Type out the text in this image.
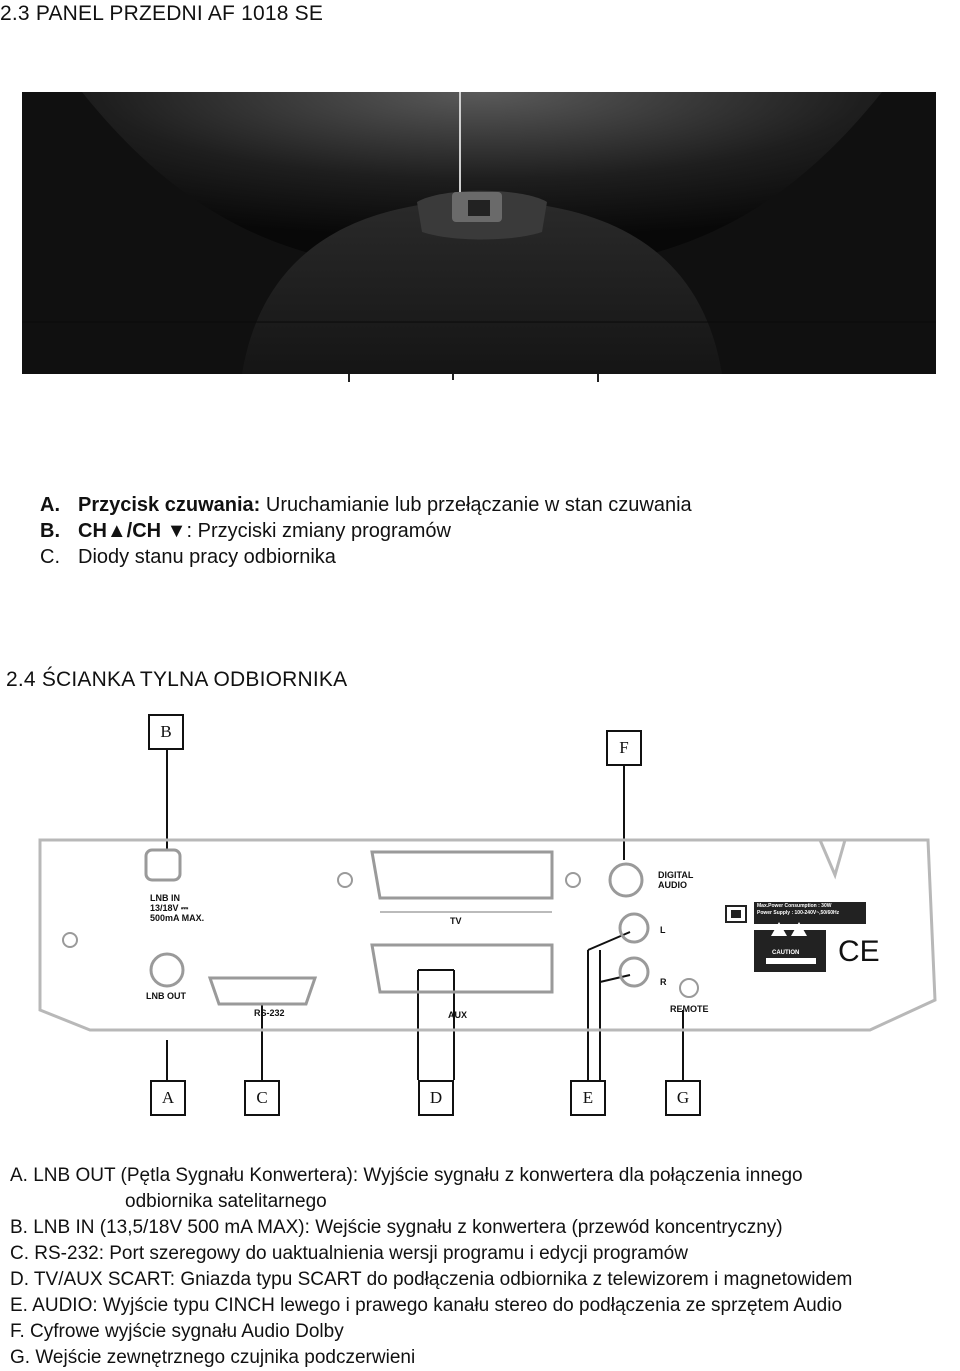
2.3 PANEL PRZEDNI AF 1018 SE
A. Przycisk czuwania: Uruchamianie lub przełączanie w stan czuwania
B. CH▲/CH ▼: Przyciski zmiany programów
C. Diody stanu pracy odbiornika
2.4 ŚCIANKA TYLNA ODBIORNIKA
B
F
A	C	D	E	G
LNB IN
13/18V ⎓
500mA MAX.
LNB OUT
RS-232
TV
AUX
DIGITAL
AUDIO
L
R
REMOTE
Max.Power Consumption : 30W
Power Supply : 100-240V~,50/60Hz
CAUTION CE
A. LNB OUT (Pętla Sygnału Konwertera): Wyjście sygnału z konwertera dla połączenia innego
odbiornika satelitarnego
B. LNB IN (13,5/18V 500 mA MAX): Wejście sygnału z konwertera (przewód koncentryczny)
C. RS-232: Port szeregowy do uaktualnienia wersji programu i edycji programów
D. TV/AUX SCART: Gniazda typu SCART do podłączenia odbiornika z telewizorem i magnetowidem
E. AUDIO: Wyjście typu CINCH lewego i prawego kanału stereo do podłączenia ze sprzętem Audio
F. Cyfrowe wyjście sygnału Audio Dolby
G. Wejście zewnętrznego czujnika podczerwieni
